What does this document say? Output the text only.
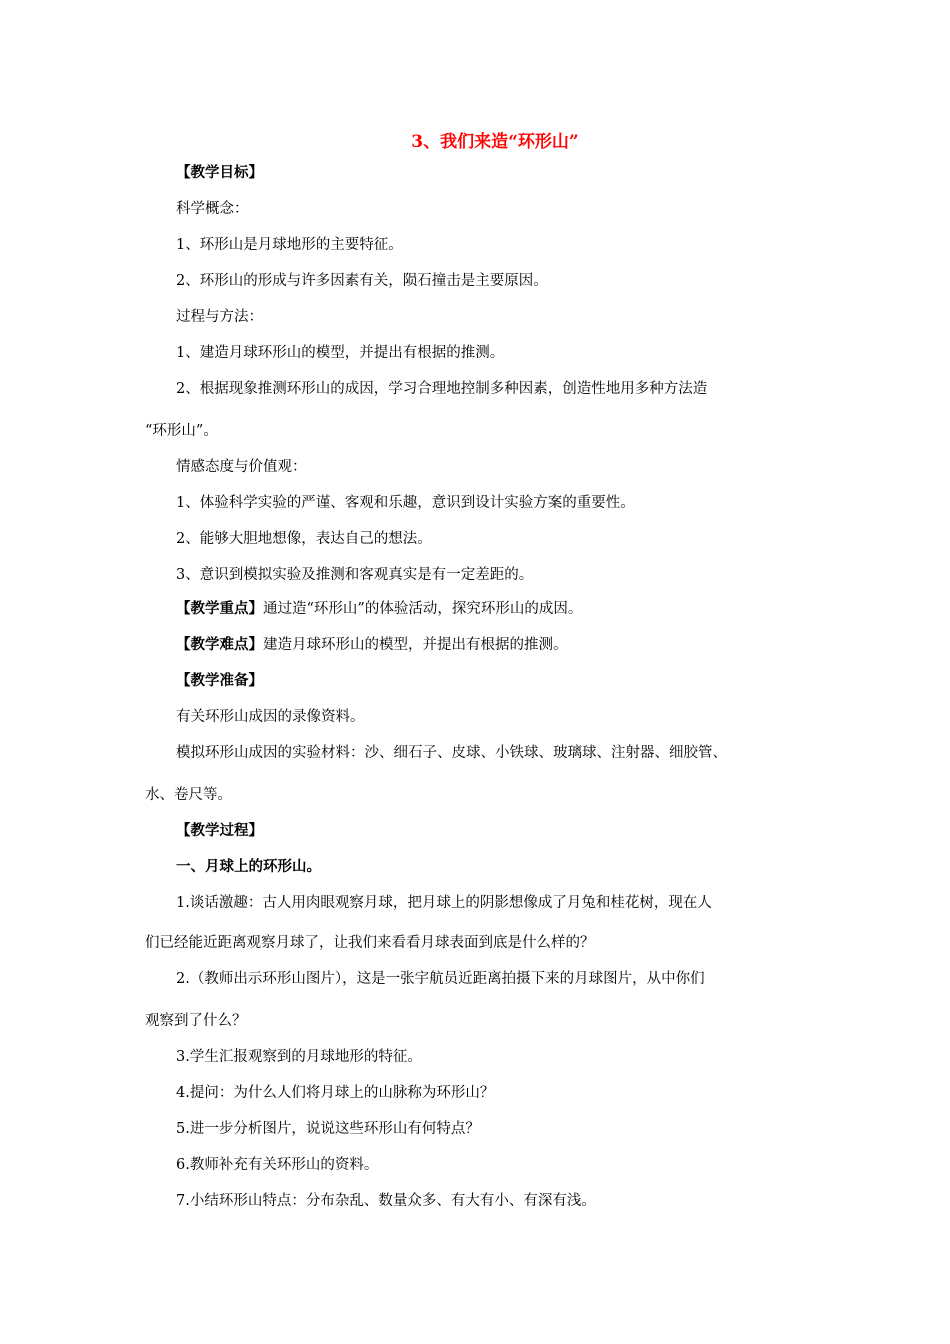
3、我们来造“环形山”

【教学目标】

科学概念：

1、环形山是月球地形的主要特征。

2、环形山的形成与许多因素有关，陨石撞击是主要原因。

过程与方法：

1、建造月球环形山的模型，并提出有根据的推测。

2、根据现象推测环形山的成因，学习合理地控制多种因素，创造性地用多种方法造

“环形山”。

情感态度与价值观：

1、体验科学实验的严谨、客观和乐趣，意识到设计实验方案的重要性。

2、能够大胆地想像，表达自己的想法。

3、意识到模拟实验及推测和客观真实是有一定差距的。

【教学重点】通过造“环形山”的体验活动，探究环形山的成因。

【教学难点】建造月球环形山的模型，并提出有根据的推测。

【教学准备】

有关环形山成因的录像资料。

模拟环形山成因的实验材料：沙、细石子、皮球、小铁球、玻璃球、注射器、细胶管、

水、卷尺等。

【教学过程】

一、月球上的环形山。

1.谈话激趣：古人用肉眼观察月球，把月球上的阴影想像成了月兔和桂花树，现在人

们已经能近距离观察月球了，让我们来看看月球表面到底是什么样的？

2.（教师出示环形山图片），这是一张宇航员近距离拍摄下来的月球图片，从中你们

观察到了什么？

3.学生汇报观察到的月球地形的特征。

4.提问：为什么人们将月球上的山脉称为环形山？

5.进一步分析图片，说说这些环形山有何特点？

6.教师补充有关环形山的资料。

7.小结环形山特点：分布杂乱、数量众多、有大有小、有深有浅。
